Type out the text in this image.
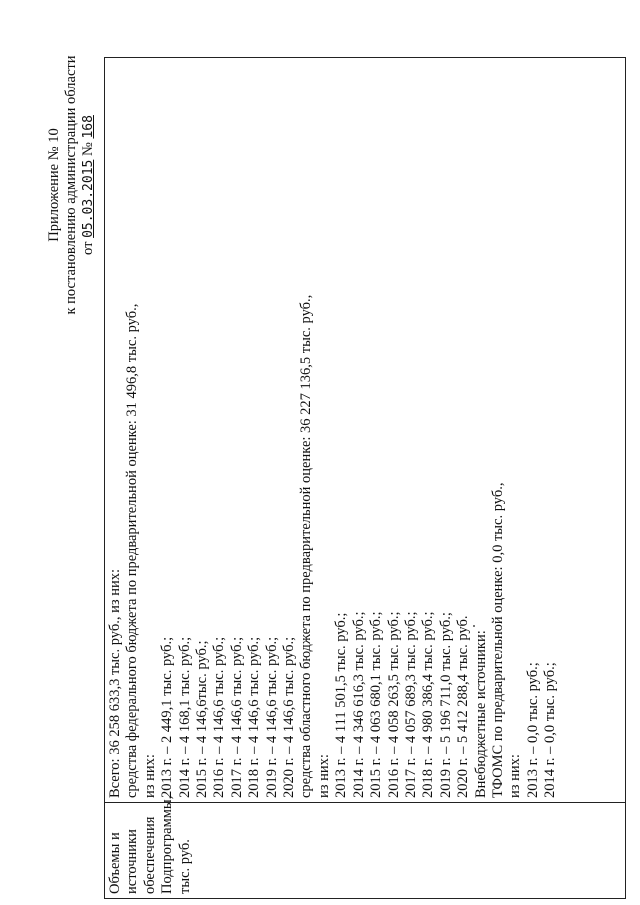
Приложение № 10 к постановлению администрации области от 05.03.2015 № 168
Объемы и источники обеспечения Подпрограммы, тыс. руб.
Всего: 36 258 633,3 тыс. руб., из них: средства федерального бюджета по предварительной оценке: 31 496,8 тыс. руб., из них: 2013 г. – 2 449,1 тыс. руб.; 2014 г. – 4 168,1 тыс. руб.; 2015 г. – 4 146,6тыс. руб.; 2016 г. – 4 146,6 тыс. руб.; 2017 г. – 4 146,6 тыс. руб.; 2018 г. – 4 146,6 тыс. руб.; 2019 г. – 4 146,6 тыс. руб.; 2020 г. – 4 146,6 тыс. руб.; средства областного бюджета по предварительной оценке: 36 227 136,5 тыс. руб., из них: 2013 г. – 4 111 501,5 тыс. руб.; 2014 г. – 4 346 616,3 тыс. руб.; 2015 г. – 4 063 680,1 тыс. руб.; 2016 г. – 4 058 263,5 тыс. руб.; 2017 г. – 4 057 689,3 тыс. руб.; 2018 г. – 4 980 386,4 тыс. руб.; 2019 г. – 5 196 711,0 тыс. руб.; 2020 г. – 5 412 288,4 тыс. руб. Внебюджетные источники: ТФОМС по предварительной оценке: 0,0 тыс. руб., из них: 2013 г. – 0,0 тыс. руб.; 2014 г. – 0,0 тыс. руб.;
